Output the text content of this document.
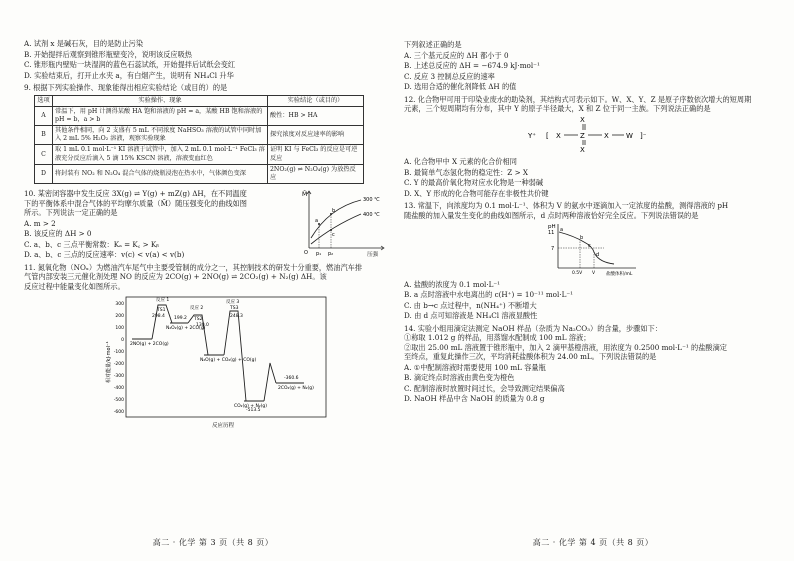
A. 试剂 x 是碱石灰，目的是防止污染
B. 开始提拌后观察到锥形瓶壁变冷，说明该反应吸热
C. 锥形瓶内壁贴一块湿润的蓝色石蕊试纸，开始提拌后试纸会变红
D. 实验结束后，打开止水夹 a，有白烟产生，说明有 NH₄Cl 升华
9. 根据下列实验操作、现象能得出相应实验结论（或目的）的是
选项	实验操作、现象	实验结论（或目的）
A	常温下，用 pH 计测得某酸 HA 饱和溶液的 pH = a，某酸 HB 饱和溶液的 pH = b，a > b	酸性：HB > HA
B	其他条件相同，向 2 支盛有 5 mL 不同浓度 NaHSO₃ 溶液的试管中同时加入 2 mL 5% H₂O₂ 溶液，观察实验现象	探究浓度对反应速率的影响
C	取 1 mL 0.1 mol·L⁻¹ KI 溶液于试管中，加入 2 mL 0.1 mol·L⁻¹ FeCl₃ 溶液充分反应后滴入 5 滴 15% KSCN 溶液，溶液变血红色	证明 KI 与 FeCl₃ 的反应是可逆反应
D	将封装有 NO₂ 和 N₂O₄ 混合气体的烧瓶浸泡在热水中，气体颜色变深	2NO₂(g) ⇌ N₂O₄(g) 为放热反应
10. 某密闭容器中发生反应 3X(g) ⇌ Y(g) + mZ(g) ΔH，在不同温度
下的平衡体系中混合气体的平均摩尔质量（M̄）随压强变化的曲线如图
所示。下列说法一定正确的是
A. m > 2
B. 该反应的 ΔH > 0
C. a、b、c 三点平衡常数：Kₐ = K꜀ > Kᵦ
D. a、b、c 三点的反应速率：v(c) < v(a) < v(b)
M̄
压强
O
300 ℃
400 ℃
a
b
c
p₁ p₂
11. 氮氧化物（NOₓ）为燃油汽车尾气中主要受管制的成分之一，其控制技术的研发十分重要，燃油汽车排
气管内部安装三元催化剂处理 NO 的反应为 2CO(g) + 2NO(g) ⇌ 2CO₂(g) + N₂(g) ΔH。该
反应过程中能量变化如图所示。
相对能量/kJ·mol⁻¹
反应历程
300
200
100
0
-100
-200
-300
-400
-500
-600
反应 1
TS1
298.4
反应 2
TS2
199.2
130.0
反应 3
TS3
248.3
-513.5
-360.6
2NO(g) + 2CO(g)
N₂O₂(g) + 2CO(g)
N₂O(g) + CO₂(g) + CO(g)
CO₂(g) + N₂(g)
2CO₂(g) + N₂(g)
高二 · 化学 第 3 页（共 8 页）
下列叙述正确的是
A. 三个基元反应的 ΔH 都小于 0
B. 上述总反应的 ΔH = −674.9 kJ·mol⁻¹
C. 反应 3 控制总反应的速率
D. 选用合适的催化剂降低 ΔH 的值
12. 化合物甲可用于印染业废水的助染剂，其结构式可表示如下。W、X、Y、Z 是原子序数依次增大的短周期
元素，三个短周期均有分布，其中 Y 的原子半径最大，X 和 Z 位于同一主族。下列说法正确的是
Y⁺ [ X	Z
X
X
X W ]⁻
A. 化合物甲中 X 元素的化合价相同
B. 最简单气态氢化物的稳定性：Z > X
C. Y 的最高价氧化物对应水化物是一种弱碱
D. X、Y 形成的化合物可能存在非极性共价键
13. 常温下，向浓度均为 0.1 mol·L⁻¹、体积为 V 的氨水中逐滴加入一定浓度的盐酸，测得溶液的 pH
随盐酸的加入量发生变化的曲线如图所示，d 点时两种溶液恰好完全反应。下列说法错误的是
pH
盐酸体积/mL
11
7
a
b
c
d
0.5V V
A. 盐酸的浓度为 0.1 mol·L⁻¹
B. a 点时溶液中水电离出的 c(H⁺) = 10⁻¹¹ mol·L⁻¹
C. 由 b→c 点过程中，n(NH₄⁺) 不断增大
D. 由 d 点可知溶液是 NH₄Cl 溶液显酸性
14. 实验小组用滴定法测定 NaOH 样品（杂质为 Na₂CO₃）的含量，步骤如下：
①称取 1.012 g 的样品，用蒸馏水配制成 100 mL 溶液；
②取出 25.00 mL 溶液置于锥形瓶中，加入 2 滴甲基橙溶液，用浓度为 0.2500 mol·L⁻¹ 的盐酸滴定
至终点，重复此操作三次，平均消耗盐酸体积为 24.00 mL。下列说法错误的是
A. ①中配制溶液时需要使用 100 mL 容量瓶
B. 滴定终点时溶液由黄色变为橙色
C. 配制溶液时放置时间过长，会导致测定结果偏高
D. NaOH 样品中含 NaOH 的质量为 0.8 g
高二 · 化学 第 4 页（共 8 页）
